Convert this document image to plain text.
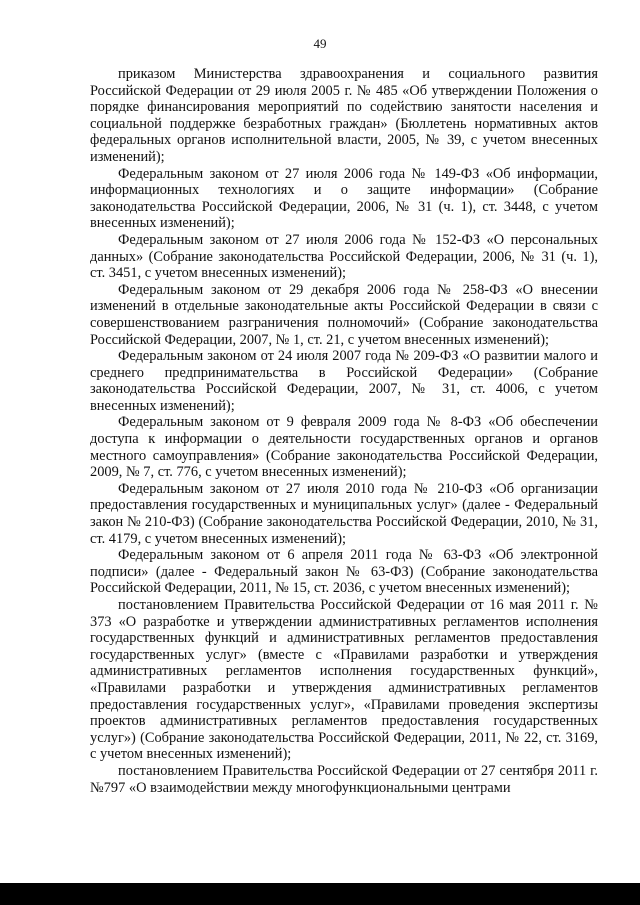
49

приказом Министерства здравоохранения и социального развития Российской Федерации от 29 июля 2005 г. № 485 «Об утверждении Положения о порядке финансирования мероприятий по содействию занятости населения и социальной поддержке безработных граждан» (Бюллетень нормативных актов федеральных органов исполнительной власти, 2005, № 39, с учетом внесенных изменений);

Федеральным законом от 27 июля 2006 года № 149-ФЗ «Об информации, информационных технологиях и о защите информации» (Собрание законодательства Российской Федерации, 2006, № 31 (ч. 1), ст. 3448, с учетом внесенных изменений);

Федеральным законом от 27 июля 2006 года № 152-ФЗ «О персональных данных» (Собрание законодательства Российской Федерации, 2006, № 31 (ч. 1), ст. 3451, с учетом внесенных изменений);

Федеральным законом от 29 декабря 2006 года № 258-ФЗ «О внесении изменений в отдельные законодательные акты Российской Федерации в связи с совершенствованием разграничения полномочий» (Собрание законодательства Российской Федерации, 2007, № 1, ст. 21, с учетом внесенных изменений);

Федеральным законом от 24 июля 2007 года № 209-ФЗ «О развитии малого и среднего предпринимательства в Российской Федерации» (Собрание законодательства Российской Федерации, 2007, № 31, ст. 4006, с учетом внесенных изменений);

Федеральным законом от 9 февраля 2009 года № 8-ФЗ «Об обеспечении доступа к информации о деятельности государственных органов и органов местного самоуправления» (Собрание законодательства Российской Федерации, 2009, № 7, ст. 776, с учетом внесенных изменений);

Федеральным законом от 27 июля 2010 года № 210-ФЗ «Об организации предоставления государственных и муниципальных услуг» (далее - Федеральный закон № 210-ФЗ) (Собрание законодательства Российской Федерации, 2010, № 31, ст. 4179, с учетом внесенных изменений);

Федеральным законом от 6 апреля 2011 года № 63-ФЗ «Об электронной подписи» (далее - Федеральный закон № 63-ФЗ) (Собрание законодательства Российской Федерации, 2011, № 15, ст. 2036, с учетом внесенных изменений);

постановлением Правительства Российской Федерации от 16 мая 2011 г. № 373 «О разработке и утверждении административных регламентов исполнения государственных функций и административных регламентов предоставления государственных услуг» (вместе с «Правилами разработки и утверждения административных регламентов исполнения государственных функций», «Правилами разработки и утверждения административных регламентов предоставления государственных услуг», «Правилами проведения экспертизы проектов административных регламентов предоставления государственных услуг») (Собрание законодательства Российской Федерации, 2011, № 22, ст. 3169, с учетом внесенных изменений);

постановлением Правительства Российской Федерации от 27 сентября 2011 г. №797 «О взаимодействии между многофункциональными центрами
